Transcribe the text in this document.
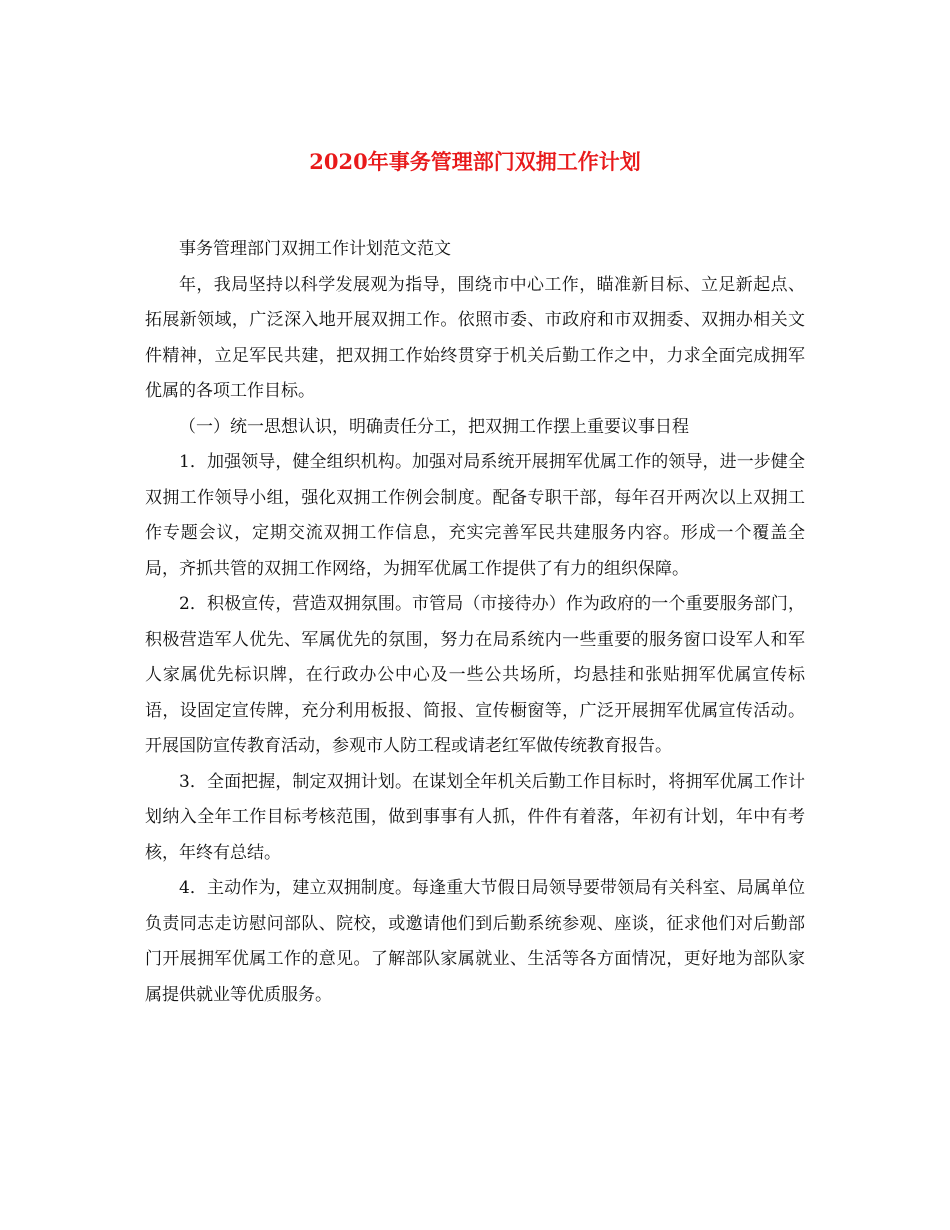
2020年事务管理部门双拥工作计划

事务管理部门双拥工作计划范文范文

年，我局坚持以科学发展观为指导，围绕市中心工作，瞄准新目标、立足新起点、拓展新领域，广泛深入地开展双拥工作。依照市委、市政府和市双拥委、双拥办相关文件精神，立足军民共建，把双拥工作始终贯穿于机关后勤工作之中，力求全面完成拥军优属的各项工作目标。

（一）统一思想认识，明确责任分工，把双拥工作摆上重要议事日程

1．加强领导，健全组织机构。加强对局系统开展拥军优属工作的领导，进一步健全双拥工作领导小组，强化双拥工作例会制度。配备专职干部，每年召开两次以上双拥工作专题会议，定期交流双拥工作信息，充实完善军民共建服务内容。形成一个覆盖全局，齐抓共管的双拥工作网络，为拥军优属工作提供了有力的组织保障。

2．积极宣传，营造双拥氛围。市管局（市接待办）作为政府的一个重要服务部门，积极营造军人优先、军属优先的氛围，努力在局系统内一些重要的服务窗口设军人和军人家属优先标识牌，在行政办公中心及一些公共场所，均悬挂和张贴拥军优属宣传标语，设固定宣传牌，充分利用板报、简报、宣传橱窗等，广泛开展拥军优属宣传活动。开展国防宣传教育活动，参观市人防工程或请老红军做传统教育报告。

3．全面把握，制定双拥计划。在谋划全年机关后勤工作目标时，将拥军优属工作计划纳入全年工作目标考核范围，做到事事有人抓，件件有着落，年初有计划，年中有考核，年终有总结。

4．主动作为，建立双拥制度。每逢重大节假日局领导要带领局有关科室、局属单位负责同志走访慰问部队、院校，或邀请他们到后勤系统参观、座谈，征求他们对后勤部门开展拥军优属工作的意见。了解部队家属就业、生活等各方面情况，更好地为部队家属提供就业等优质服务。
